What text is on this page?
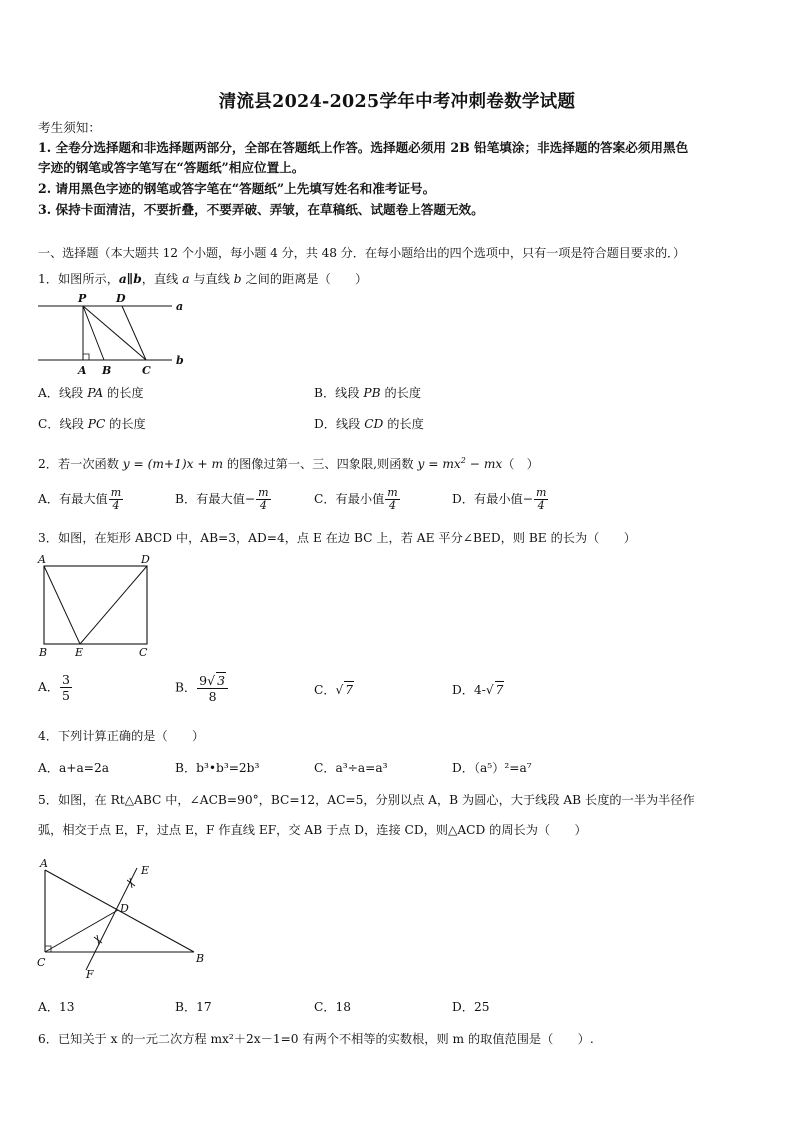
清流县2024-2025学年中考冲刺卷数学试题
考生须知：
1. 全卷分选择题和非选择题两部分，全部在答题纸上作答。选择题必须用 2B 铅笔填涂；非选择题的答案必须用黑色
字迹的钢笔或答字笔写在“答题纸”相应位置上。
2. 请用黑色字迹的钢笔或答字笔在“答题纸”上先填写姓名和准考证号。
3. 保持卡面清洁，不要折叠，不要弄破、弄皱，在草稿纸、试题卷上答题无效。
一、选择题（本大题共 12 个小题，每小题 4 分，共 48 分．在每小题给出的四个选项中，只有一项是符合题目要求的．）
1．如图所示，a∥b，直线 a 与直线 b 之间的距离是（　　）
P	D
a
b
A B	C
A．线段 PA 的长度	B．线段 PB 的长度
C．线段 PC 的长度	D．线段 CD 的长度
2．若一次函数 y = (m+1)x + m 的图像过第一、三、四象限,则函数 $y = mx^2 - mx$（　）
A．有最大值 $\frac{m}{4}$	B．有最大值− $\frac{m}{4}$	C．有最小值 $\frac{m}{4}$	D．有最小值− $\frac{m}{4}$
3．如图，在矩形 ABCD 中，AB=3，AD=4，点 E 在边 BC 上，若 AE 平分∠BED，则 BE 的长为（　　）
A	D
B	E	C
A． $\frac{3}{5}$	B． $\frac{9√ 3}{8}$	C．√ 7	D．4-√ 7
4．下列计算正确的是（　　）
A．a+a=2a	B．b³•b³=2b³	C．a³÷a=a³	D．（a⁵）²=a⁷
5．如图，在 Rt△ABC 中，∠ACB=90°，BC=12，AC=5，分别以点 A，B 为圆心，大于线段 AB 长度的一半为半径作
弧，相交于点 E，F，过点 E，F 作直线 EF，交 AB 于点 D，连接 CD，则△ACD 的周长为（　　）
A
E
D
C
F
B
A．13	B．17	C．18	D．25
6．已知关于 x 的一元二次方程 mx²＋2x－1=0 有两个不相等的实数根，则 m 的取值范围是（　　）.
